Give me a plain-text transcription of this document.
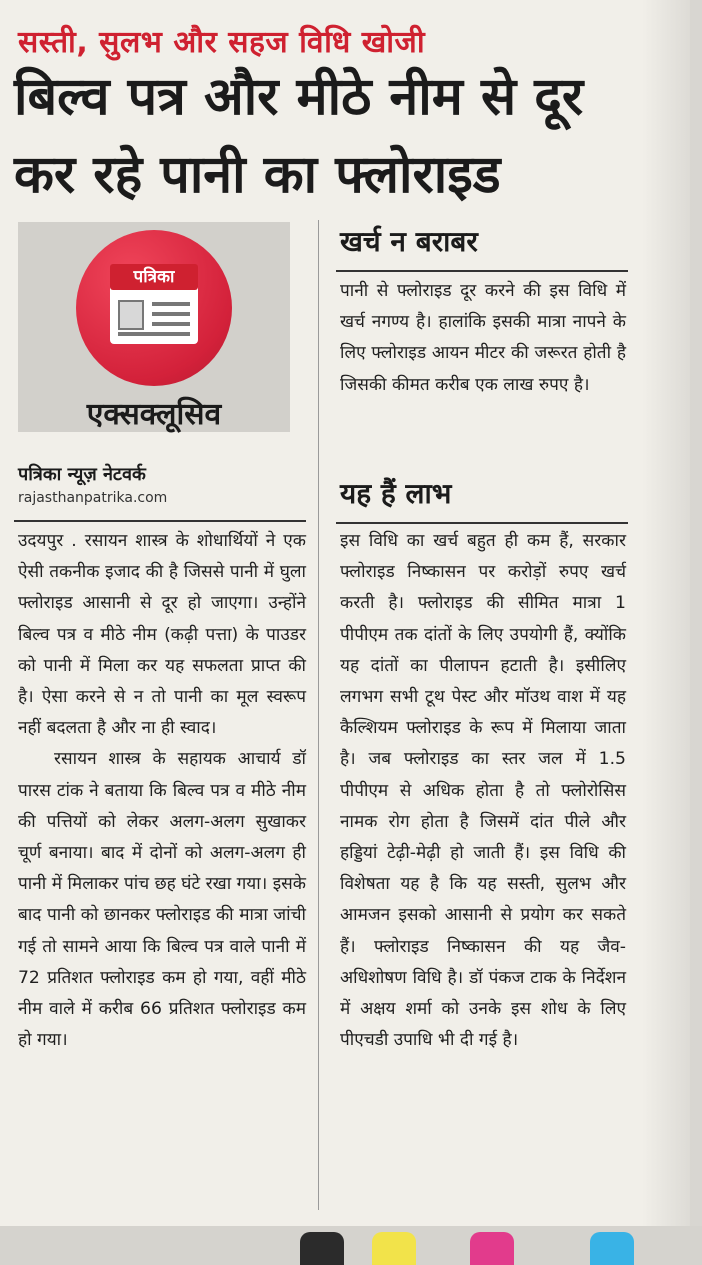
सस्ती, सुलभ और सहज विधि खोजी
बिल्व पत्र और मीठे नीम से दूर कर रहे पानी का फ्लोराइड
पत्रिका
एक्सक्लूसिव
पत्रिका न्यूज़ नेटवर्क
rajasthanpatrika.com

उदयपुर . रसायन शास्त्र के शोधार्थियों ने एक ऐसी तकनीक इजाद की है जिससे पानी में घुला फ्लोराइड आसानी से दूर हो जाएगा। उन्होंने बिल्व पत्र व मीठे नीम (कढ़ी पत्ता) के पाउडर को पानी में मिला कर यह सफलता प्राप्त की है। ऐसा करने से न तो पानी का मूल स्वरूप नहीं बदलता है और ना ही स्वाद।

रसायन शास्त्र के सहायक आचार्य डॉ पारस टांक ने बताया कि बिल्व पत्र व मीठे नीम की पत्तियों को लेकर अलग-अलग सुखाकर चूर्ण बनाया। बाद में दोनों को अलग-अलग ही पानी में मिलाकर पांच छह घंटे रखा गया। इसके बाद पानी को छानकर फ्लोराइड की मात्रा जांची गई तो सामने आया कि बिल्व पत्र वाले पानी में 72 प्रतिशत फ्लोराइड कम हो गया, वहीं मीठे नीम वाले में करीब 66 प्रतिशत फ्लोराइड कम हो गया।

खर्च न बराबर

पानी से फ्लोराइड दूर करने की इस विधि में खर्च नगण्य है। हालांकि इसकी मात्रा नापने के लिए फ्लोराइड आयन मीटर की जरूरत होती है जिसकी कीमत करीब एक लाख रुपए है।

यह हैं लाभ

इस विधि का खर्च बहुत ही कम हैं, सरकार फ्लोराइड निष्कासन पर करोड़ों रुपए खर्च करती है। फ्लोराइड की सीमित मात्रा 1 पीपीएम तक दांतों के लिए उपयोगी हैं, क्योंकि यह दांतों का पीलापन हटाती है। इसीलिए लगभग सभी टूथ पेस्ट और मॉउथ वाश में यह कैल्शियम फ्लोराइड के रूप में मिलाया जाता है। जब फ्लोराइड का स्तर जल में 1.5 पीपीएम से अधिक होता है तो फ्लोरोसिस नामक रोग होता है जिसमें दांत पीले और हड्डियां टेढ़ी-मेढ़ी हो जाती हैं। इस विधि की विशेषता यह है कि यह सस्ती, सुलभ और आमजन इसको आसानी से प्रयोग कर सकते हैं। फ्लोराइड निष्कासन की यह जैव-अधिशोषण विधि है। डॉ पंकज टाक के निर्देशन में अक्षय शर्मा को उनके इस शोध के लिए पीएचडी उपाधि भी दी गई है।
